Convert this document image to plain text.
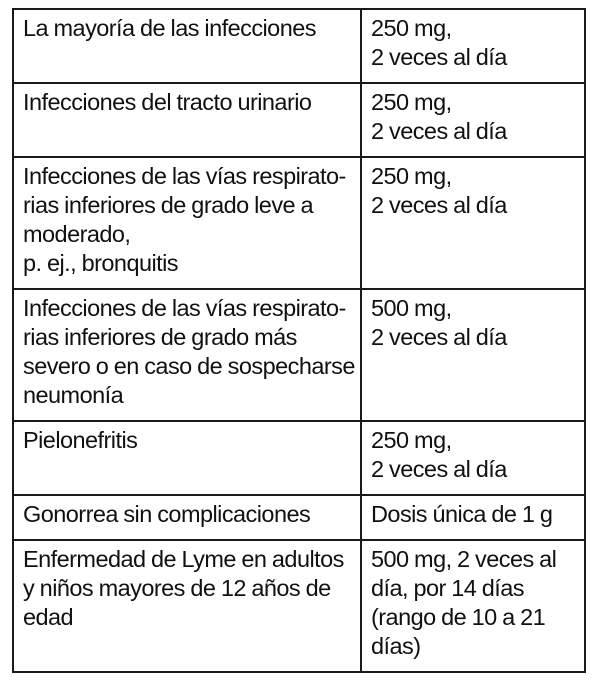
La mayoría de las infecciones	250 mg,
2 veces al día

Infecciones del tracto urinario	250 mg,
2 veces al día

Infecciones de las vías respirato-
rias inferiores de grado leve a
moderado,
p. ej., bronquitis	250 mg,
2 veces al día

Infecciones de las vías respirato-
rias inferiores de grado más
severo o en caso de sospecharse
neumonía	500 mg,
2 veces al día

Pielonefritis	250 mg,
2 veces al día

Gonorrea sin complicaciones	Dosis única de 1 g

Enfermedad de Lyme en adultos
y niños mayores de 12 años de
edad	500 mg, 2 veces al
día, por 14 días
(rango de 10 a 21
días)
